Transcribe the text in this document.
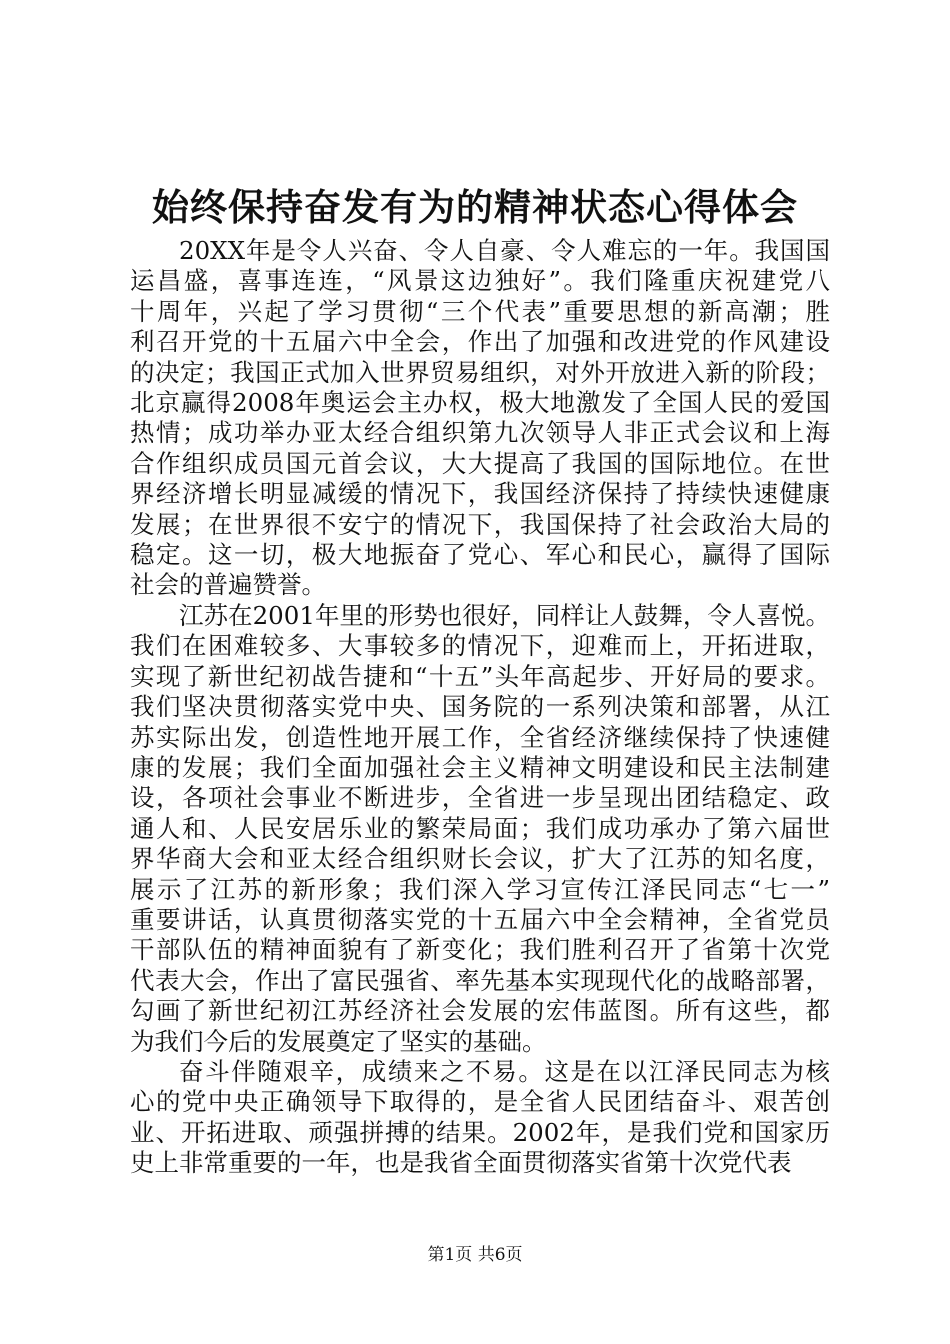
始终保持奋发有为的精神状态心得体会

20XX年是令人兴奋、令人自豪、令人难忘的一年。我国国
运昌盛，喜事连连，“风景这边独好”。我们隆重庆祝建党八
十周年，兴起了学习贯彻“三个代表”重要思想的新高潮；胜
利召开党的十五届六中全会，作出了加强和改进党的作风建设
的决定；我国正式加入世界贸易组织，对外开放进入新的阶段；
北京赢得2008年奥运会主办权，极大地激发了全国人民的爱国
热情；成功举办亚太经合组织第九次领导人非正式会议和上海
合作组织成员国元首会议，大大提高了我国的国际地位。在世
界经济增长明显减缓的情况下，我国经济保持了持续快速健康
发展；在世界很不安宁的情况下，我国保持了社会政治大局的
稳定。这一切，极大地振奋了党心、军心和民心，赢得了国际
社会的普遍赞誉。

江苏在2001年里的形势也很好，同样让人鼓舞，令人喜悦。
我们在困难较多、大事较多的情况下，迎难而上，开拓进取，
实现了新世纪初战告捷和“十五”头年高起步、开好局的要求。
我们坚决贯彻落实党中央、国务院的一系列决策和部署，从江
苏实际出发，创造性地开展工作，全省经济继续保持了快速健
康的发展；我们全面加强社会主义精神文明建设和民主法制建
设，各项社会事业不断进步，全省进一步呈现出团结稳定、政
通人和、人民安居乐业的繁荣局面；我们成功承办了第六届世
界华商大会和亚太经合组织财长会议，扩大了江苏的知名度，
展示了江苏的新形象；我们深入学习宣传江泽民同志“七一”
重要讲话，认真贯彻落实党的十五届六中全会精神，全省党员
干部队伍的精神面貌有了新变化；我们胜利召开了省第十次党
代表大会，作出了富民强省、率先基本实现现代化的战略部署，
勾画了新世纪初江苏经济社会发展的宏伟蓝图。所有这些，都
为我们今后的发展奠定了坚实的基础。

奋斗伴随艰辛，成绩来之不易。这是在以江泽民同志为核
心的党中央正确领导下取得的，是全省人民团结奋斗、艰苦创
业、开拓进取、顽强拼搏的结果。2002年，是我们党和国家历
史上非常重要的一年，也是我省全面贯彻落实省第十次党代表

第1页 共6页
